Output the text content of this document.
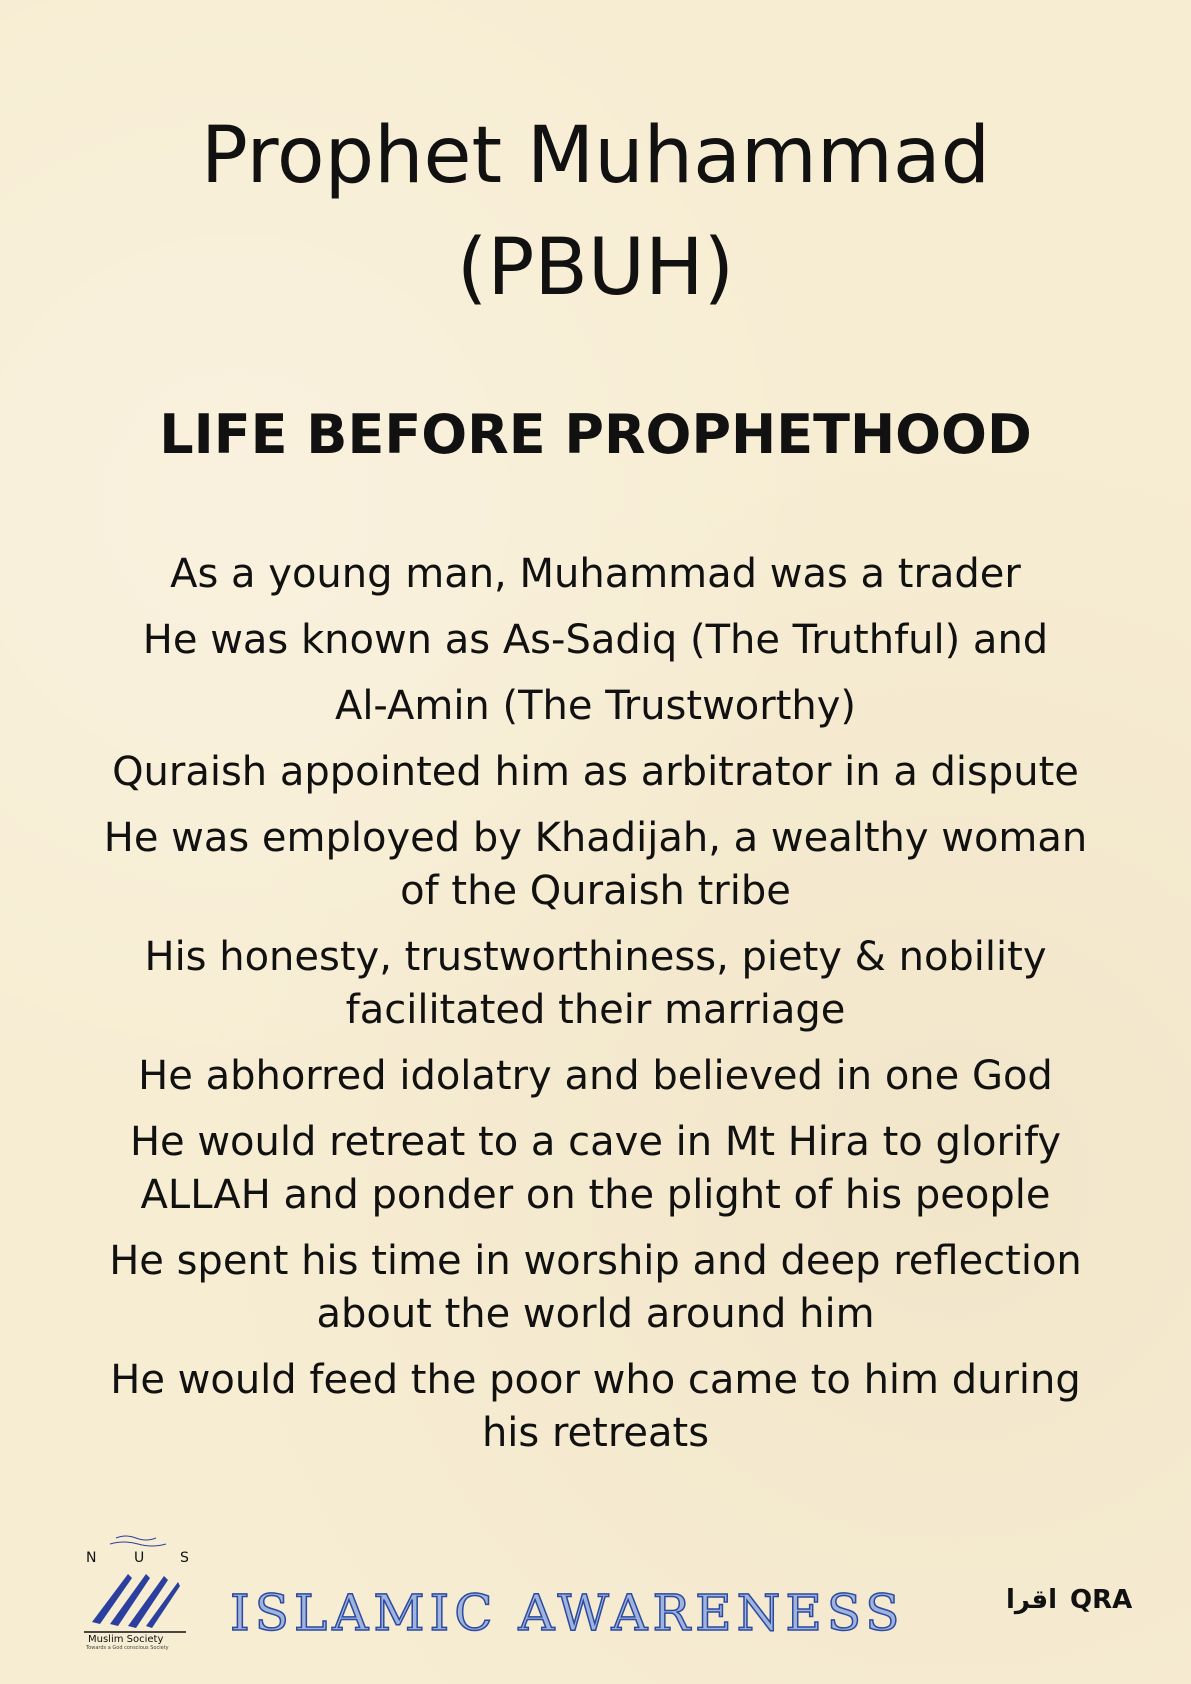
Prophet Muhammad
(PBUH)
LIFE BEFORE PROPHETHOOD
As a young man, Muhammad was a trader
He was known as As-Sadiq (The Truthful) and
Al-Amin (The Trustworthy)
Quraish appointed him as arbitrator in a dispute
He was employed by Khadijah, a wealthy woman
of the Quraish tribe
His honesty, trustworthiness, piety & nobility
facilitated their marriage
He abhorred idolatry and believed in one God
He would retreat to a cave in Mt Hira to glorify
ALLAH and ponder on the plight of his people
He spent his time in worship and deep reflection
about the world around him
He would feed the poor who came to him during
his retreats
N	U	S
Muslim Society
Towards a God conscious Society
ISLAMIC AWARENESS	اقرا QRA
